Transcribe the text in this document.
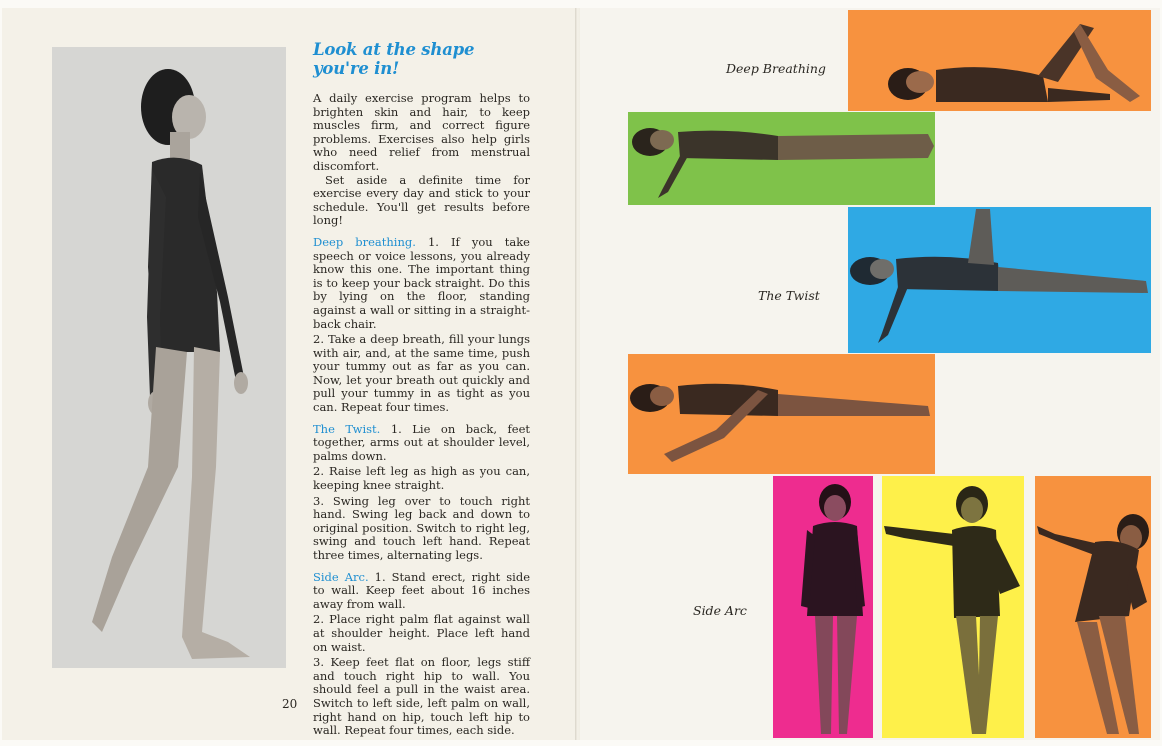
Look at the shape you're in!

A daily exercise program helps to brighten skin and hair, to keep muscles firm, and correct figure problems. Exercises also help girls who need relief from menstrual discomfort.

Set aside a definite time for exercise every day and stick to your schedule. You'll get results before long!

Deep breathing. 1. If you take speech or voice lessons, you already know this one. The important thing is to keep your back straight. Do this by lying on the floor, standing against a wall or sitting in a straight-back chair.

2. Take a deep breath, fill your lungs with air, and, at the same time, push your tummy out as far as you can. Now, let your breath out quickly and pull your tummy in as tight as you can. Repeat four times.

The Twist. 1. Lie on back, feet together, arms out at shoulder level, palms down.

2. Raise left leg as high as you can, keeping knee straight.

3. Swing leg over to touch right hand. Swing leg back and down to original position. Switch to right leg, swing and touch left hand. Repeat three times, alternating legs.

Side Arc. 1. Stand erect, right side to wall. Keep feet about 16 inches away from wall.

2. Place right palm flat against wall at shoulder height. Place left hand on waist.

3. Keep feet flat on floor, legs stiff and touch right hip to wall. You should feel a pull in the waist area. Switch to left side, left palm on wall, right hand on hip, touch left hip to wall. Repeat four times, each side.

20
Deep Breathing
The Twist
Side Arc
